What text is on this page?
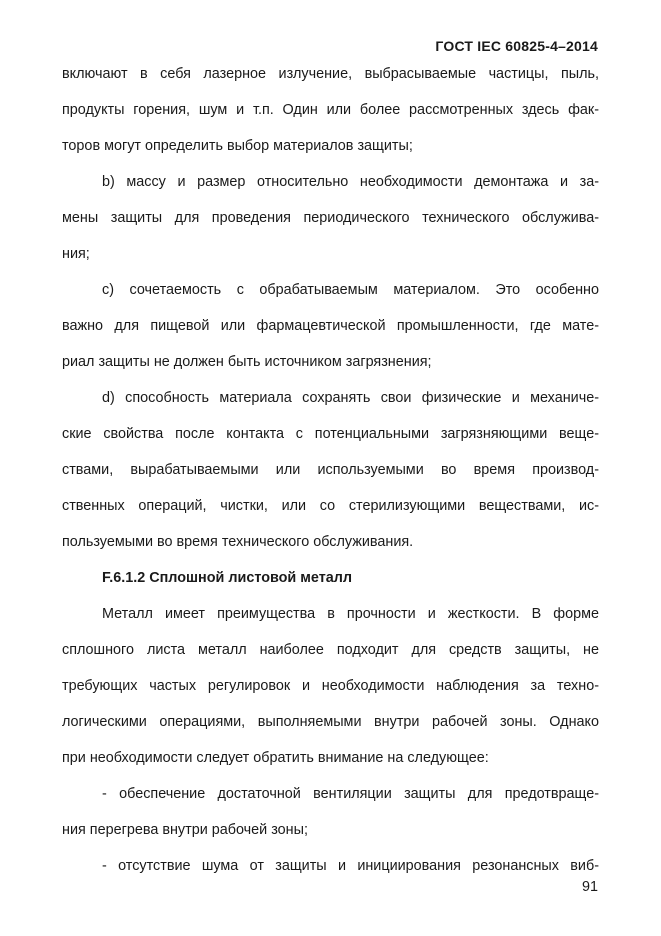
ГОСТ IEC 60825-4–2014
включают в себя лазерное излучение, выбрасываемые частицы, пыль,
продукты горения, шум и т.п. Один или более рассмотренных здесь фак-
торов могут определить выбор материалов защиты;
b) массу и размер относительно необходимости демонтажа и за-
мены защиты для проведения периодического технического обслужива-
ния;
c) сочетаемость с обрабатываемым материалом. Это особенно
важно для пищевой или фармацевтической промышленности, где мате-
риал защиты не должен быть источником загрязнения;
d) способность материала сохранять свои физические и механиче-
ские свойства после контакта с потенциальными загрязняющими веще-
ствами, вырабатываемыми или используемыми во время производ-
ственных операций, чистки, или со стерилизующими веществами, ис-
пользуемыми во время технического обслуживания.
F.6.1.2 Сплошной листовой металл
Металл имеет преимущества в прочности и жесткости. В форме
сплошного листа металл наиболее подходит для средств защиты, не
требующих частых регулировок и необходимости наблюдения за техно-
логическими операциями, выполняемыми внутри рабочей зоны. Однако
при необходимости следует обратить внимание на следующее:
- обеспечение достаточной вентиляции защиты для предотвраще-
ния перегрева внутри рабочей зоны;
- отсутствие шума от защиты и инициирования резонансных виб-
91
